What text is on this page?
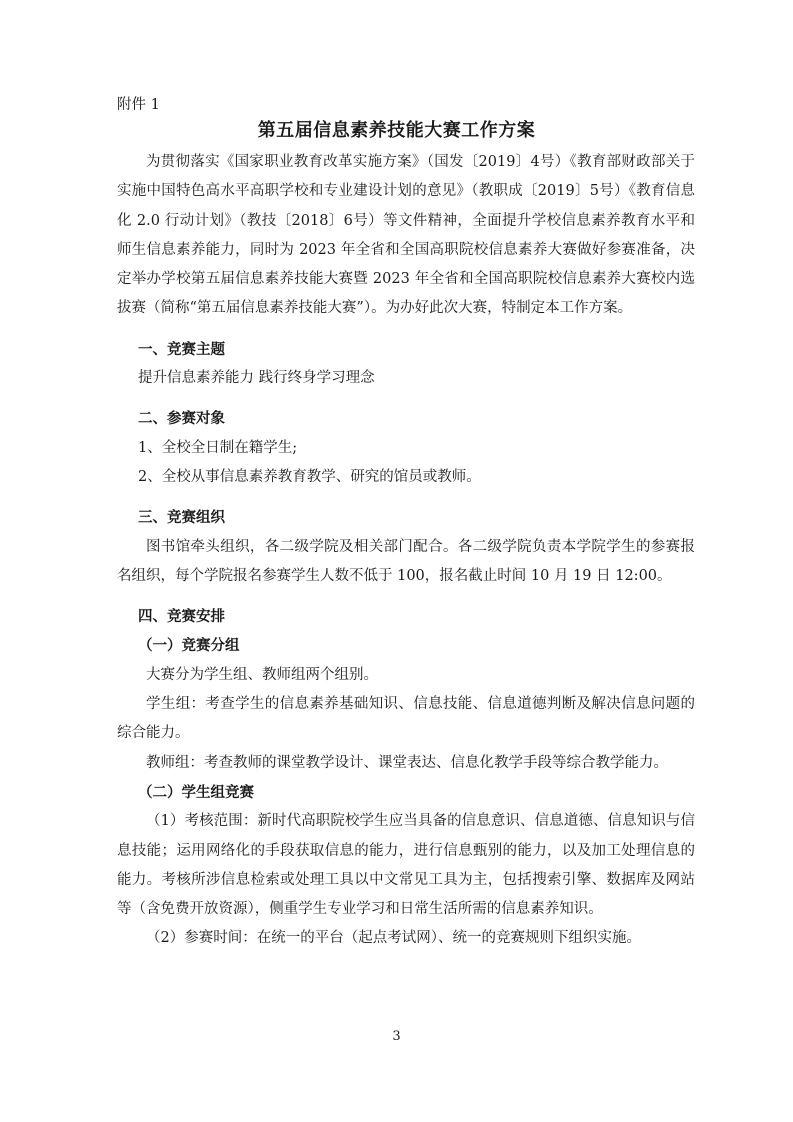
附件 1
第五届信息素养技能大赛工作方案

为贯彻落实《国家职业教育改革实施方案》（国发〔2019〕4号）《教育部财政部关于实施中国特色高水平高职学校和专业建设计划的意见》（教职成〔2019〕5号）《教育信息化 2.0 行动计划》（教技〔2018〕6号）等文件精神，全面提升学校信息素养教育水平和师生信息素养能力，同时为 2023 年全省和全国高职院校信息素养大赛做好参赛准备，决定举办学校第五届信息素养技能大赛暨 2023 年全省和全国高职院校信息素养大赛校内选拔赛（简称“第五届信息素养技能大赛”）。为办好此次大赛，特制定本工作方案。

一、竞赛主题

提升信息素养能力 践行终身学习理念

二、参赛对象

1、全校全日制在籍学生;

2、全校从事信息素养教育教学、研究的馆员或教师。

三、竞赛组织

图书馆牵头组织，各二级学院及相关部门配合。各二级学院负责本学院学生的参赛报名组织，每个学院报名参赛学生人数不低于 100，报名截止时间 10 月 19 日 12:00。

四、竞赛安排

（一）竞赛分组

大赛分为学生组、教师组两个组别。

学生组：考查学生的信息素养基础知识、信息技能、信息道德判断及解决信息问题的综合能力。

教师组：考查教师的课堂教学设计、课堂表达、信息化教学手段等综合教学能力。

（二）学生组竞赛

（1）考核范围：新时代高职院校学生应当具备的信息意识、信息道德、信息知识与信息技能；运用网络化的手段获取信息的能力，进行信息甄别的能力，以及加工处理信息的能力。考核所涉信息检索或处理工具以中文常见工具为主，包括搜索引擎、数据库及网站等（含免费开放资源），侧重学生专业学习和日常生活所需的信息素养知识。

（2）参赛时间：在统一的平台（起点考试网）、统一的竞赛规则下组织实施。

3
